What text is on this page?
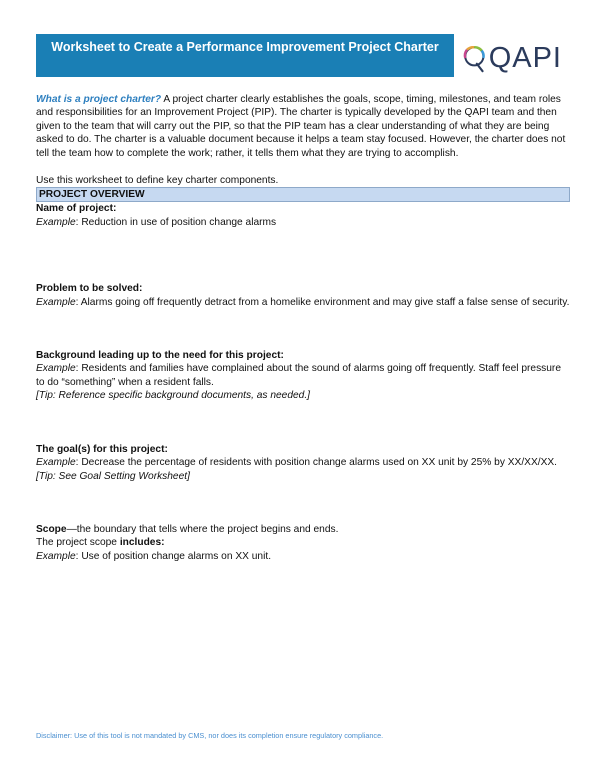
Worksheet to Create a Performance Improvement Project Charter QAPI

What is a project charter? A project charter clearly establishes the goals, scope, timing, milestones, and team roles and responsibilities for an Improvement Project (PIP). The charter is typically developed by the QAPI team and then given to the team that will carry out the PIP, so that the PIP team has a clear understanding of what they are being asked to do. The charter is a valuable document because it helps a team stay focused. However, the charter does not tell the team how to complete the work; rather, it tells them what they are trying to accomplish.

Use this worksheet to define key charter components.

PROJECT OVERVIEW

Name of project:

Example: Reduction in use of position change alarms

Problem to be solved:

Example: Alarms going off frequently detract from a homelike environment and may give staff a false sense of security.

Background leading up to the need for this project:

Example: Residents and families have complained about the sound of alarms going off frequently. Staff feel pressure to do “something” when a resident falls.

[Tip: Reference specific background documents, as needed.]

The goal(s) for this project:

Example: Decrease the percentage of residents with position change alarms used on XX unit by 25% by XX/XX/XX.

[Tip: See Goal Setting Worksheet]

Scope—the boundary that tells where the project begins and ends.

The project scope includes:

Example: Use of position change alarms on XX unit.

Disclaimer: Use of this tool is not mandated by CMS, nor does its completion ensure regulatory compliance.
